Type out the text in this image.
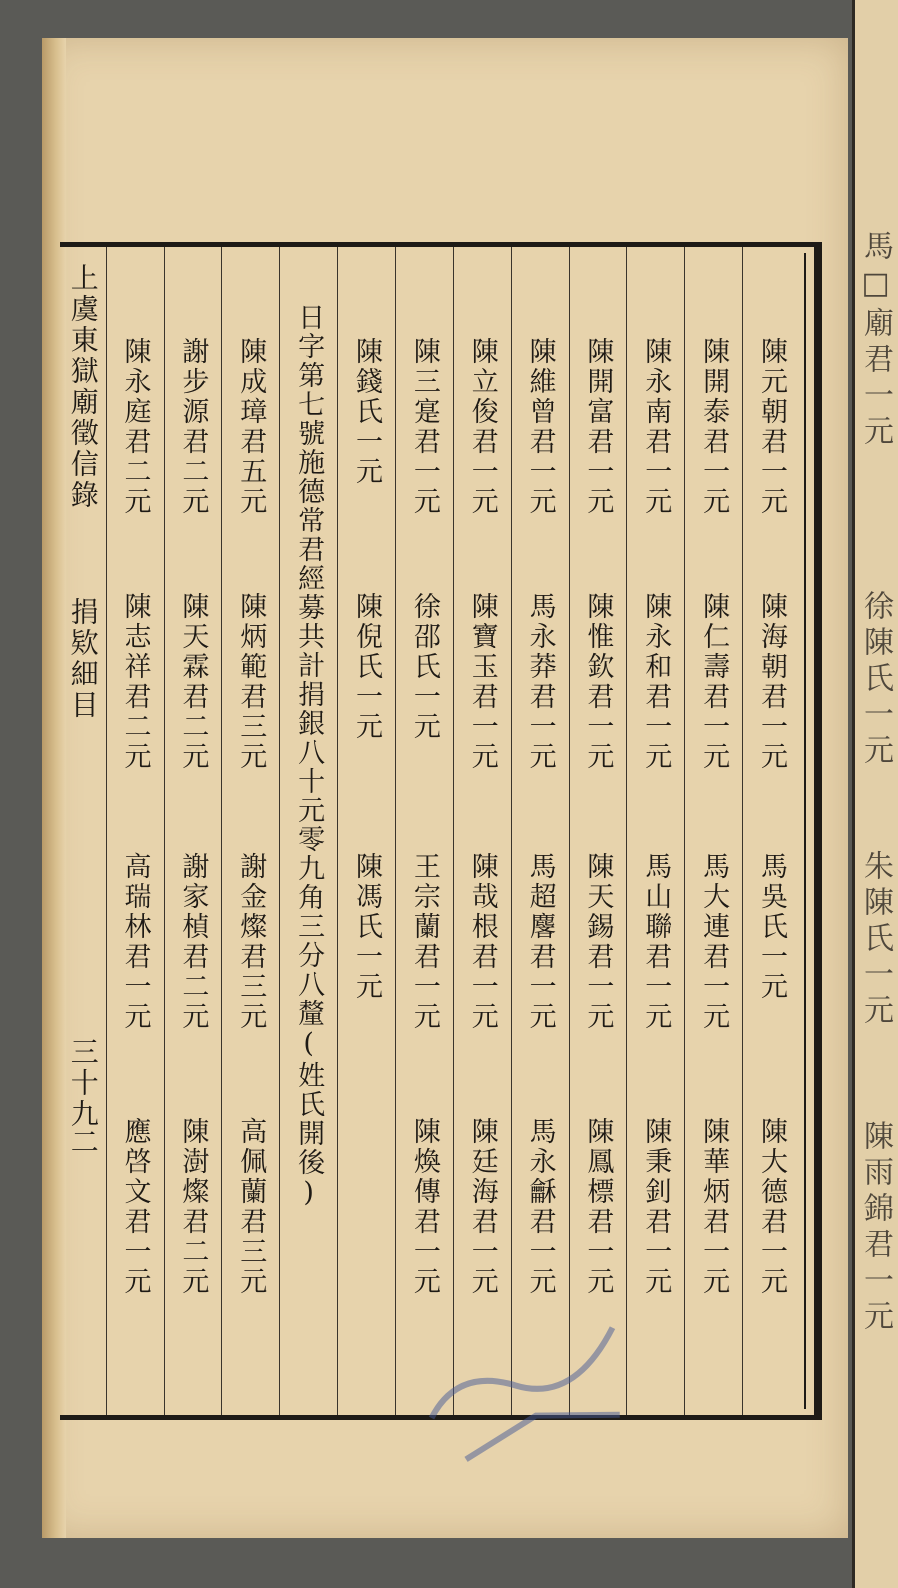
馬□廟君一元
徐陳氏一元
朱陳氏一元
陳雨錦君一元
陳元朝君一元
陳海朝君一元
馬吳氏一元
陳大德君一元
陳開泰君一元
陳仁壽君一元
馬大連君一元
陳華炳君一元
陳永南君一元
陳永和君一元
馬山聯君一元
陳秉釗君一元
陳開富君一元
陳惟欽君一元
陳天錫君一元
陳鳳標君一元
陳維曾君一元
馬永莽君一元
馬超麐君一元
馬永龢君一元
陳立俊君一元
陳寶玉君一元
陳哉根君一元
陳廷海君一元
陳三寔君一元
徐邵氏一元
王宗蘭君一元
陳煥傳君一元
陳錢氏一元
陳倪氏一元
陳馮氏一元
日字第七號施德常君經募共計捐銀八十元零九角三分八釐(姓氏開後)
陳成璋君五元
陳炳範君三元
謝金燦君三元
高佩蘭君三元
謝步源君二元
陳天霖君二元
謝家楨君二元
陳澍燦君二元
陳永庭君二元
陳志祥君二元
高瑞林君一元
應啓文君一元
上虞東獄廟徵信錄
捐欵細目
三十九
二
